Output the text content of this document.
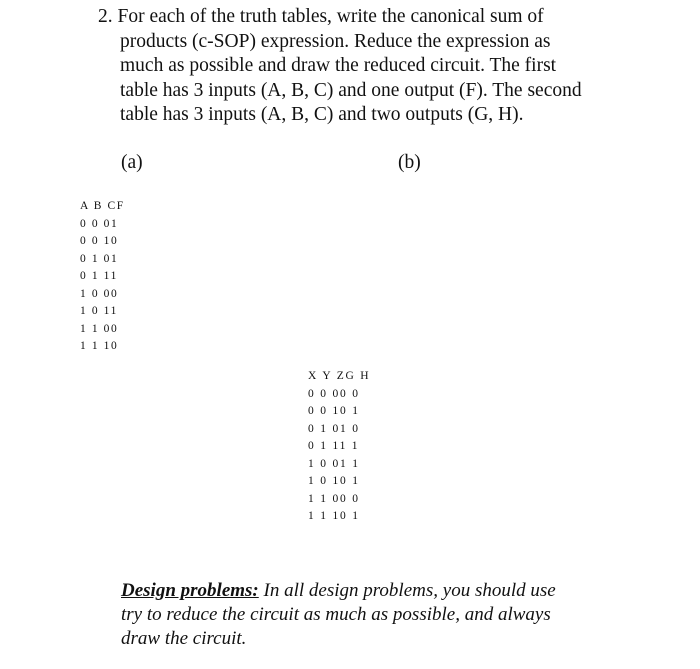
2. For each of the truth tables, write the canonical sum of
products (c-SOP) expression. Reduce the expression as
much as possible and draw the reduced circuit. The first
table has 3 inputs (A, B, C) and one output (F). The second
table has 3 inputs (A, B, C) and two outputs (G, H).
(a)	(b)
A B CF
0 0 01
0 0 10
0 1 01
0 1 11
1 0 00
1 0 11
1 1 00
1 1 10
X Y ZG H
0 0 00 0
0 0 10 1
0 1 01 0
0 1 11 1
1 0 01 1
1 0 10 1
1 1 00 0
1 1 10 1
Design problems: In all design problems, you should use
try to reduce the circuit as much as possible, and always
draw the circuit.
